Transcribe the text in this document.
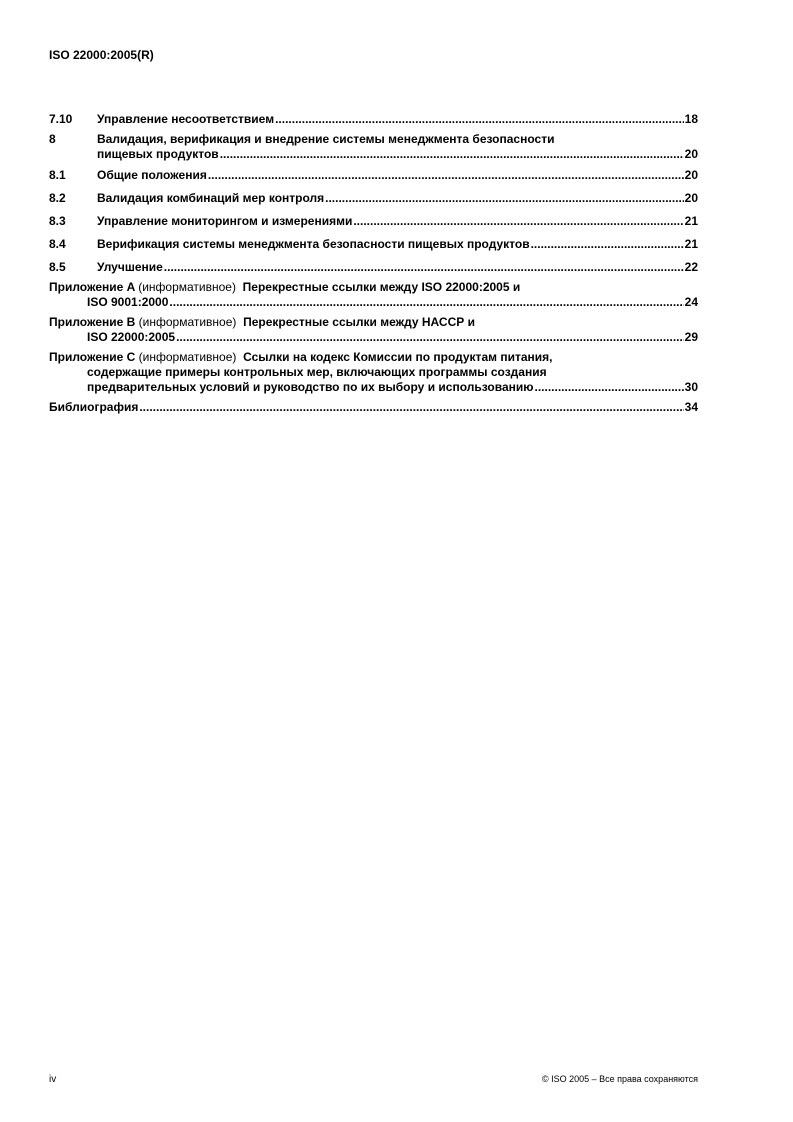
ISO 22000:2005(R)
7.10 Управление несоответствием .....	18
8	Валидация, верификация и внедрение системы менеджмента безопасности
пищевых продуктов .....	20
8.1	Общие положения .....	20
8.2	Валидация комбинаций мер контроля .....	20
8.3	Управление мониторингом и измерениями .....	21
8.4	Верификация системы менеджмента безопасности пищевых продуктов .....	21
8.5	Улучшение .....	22
Приложение A (информативное) Перекрестные ссылки между ISO 22000:2005 и
ISO 9001:2000 .....	24
Приложение B (информативное) Перекрестные ссылки между НАССР и
ISO 22000:2005 .....	29
Приложение C (информативное) Ссылки на кодекс Комиссии по продуктам питания,
содержащие примеры контрольных мер, включающих программы создания
предварительных условий и руководство по их выбору и использованию .....	30
Библиография .....	34
iv	© ISO 2005 – Все права сохраняются
